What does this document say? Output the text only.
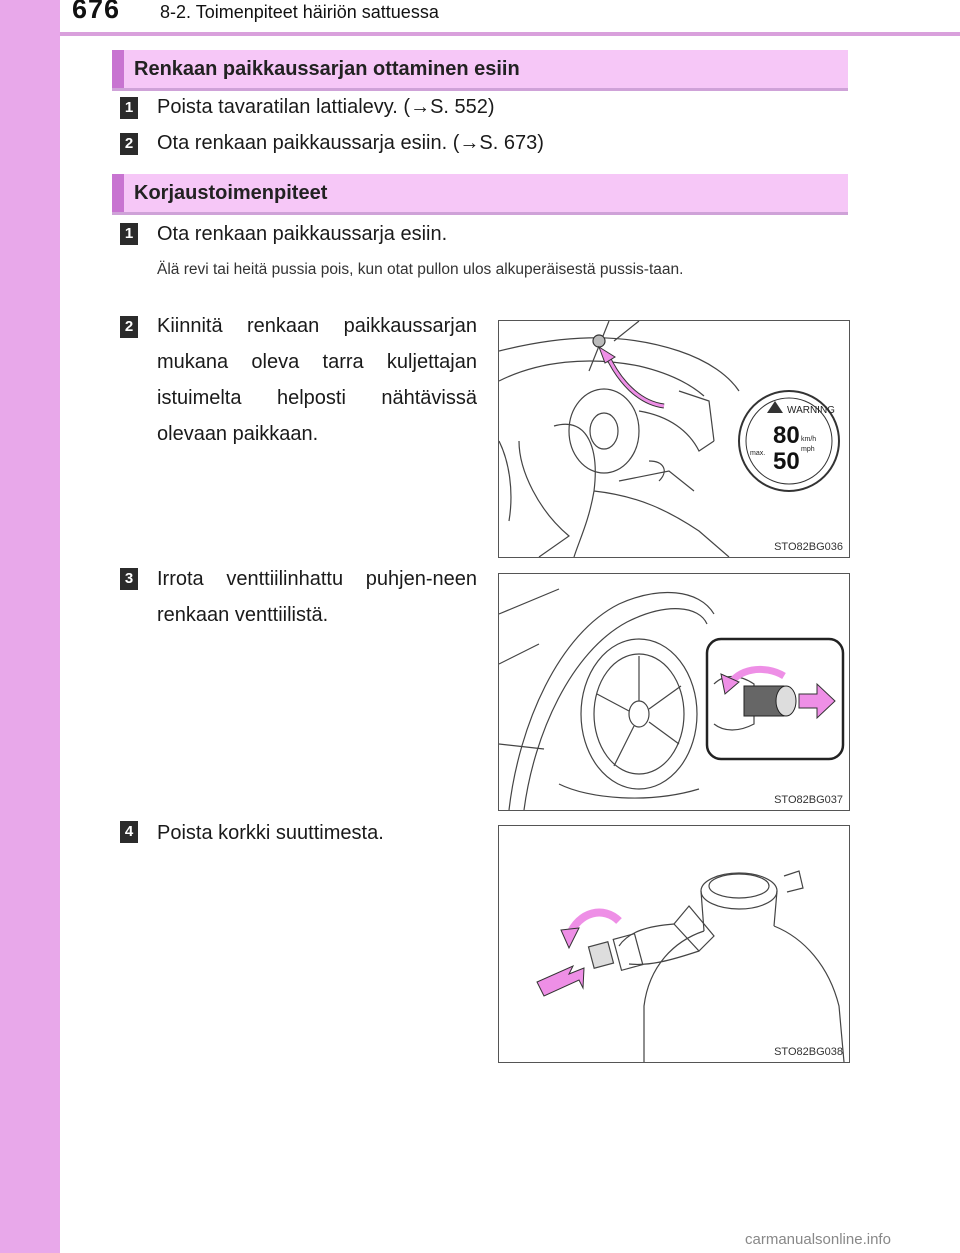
676 8-2. Toimenpiteet häiriön sattuessa
Renkaan paikkaussarjan ottaminen esiin
1 Poista tavaratilan lattialevy. (→S. 552)
2 Ota renkaan paikkaussarja esiin. (→S. 673)
Korjaustoimenpiteet
1 Ota renkaan paikkaussarja esiin.
Älä revi tai heitä pussia pois, kun otat pullon ulos alkuperäisestä pussis-taan.
2 Kiinnitä renkaan paikkaussarjan mukana oleva tarra kuljettajan istuimelta helposti nähtävissä olevaan paikkaan.
3 Irrota venttiilinhattu puhjen-neen renkaan venttiilistä.
4 Poista korkki suuttimesta.
WARNING
max.
80
50
km/h
mph
STO82BG036
STO82BG037
STO82BG038
carmanualsonline.info
